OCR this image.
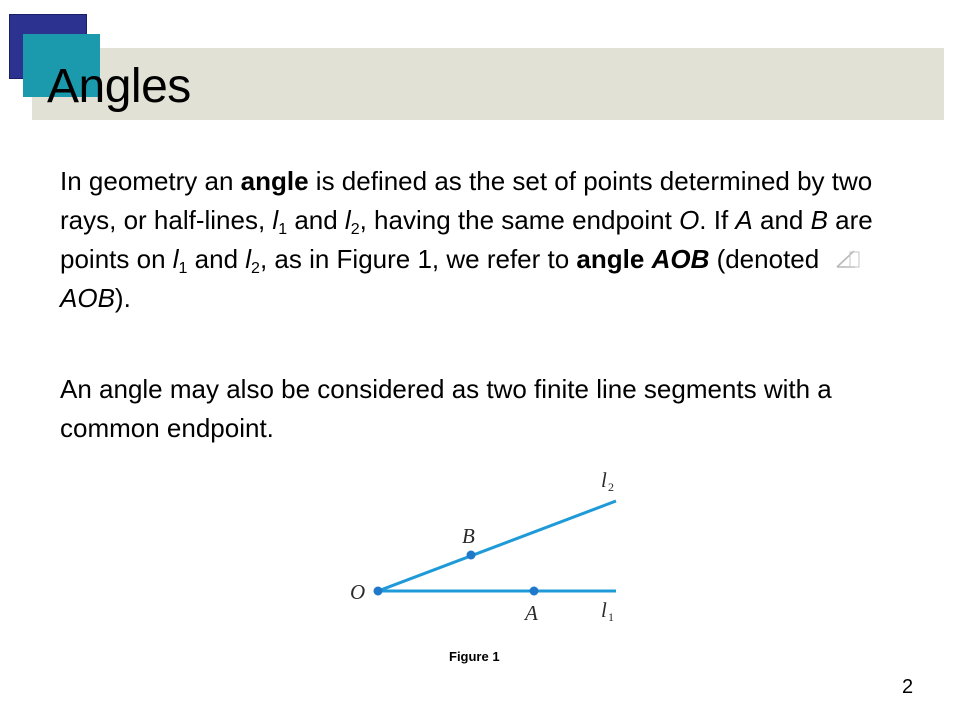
Angles

In geometry an angle is defined as the set of points determined by two rays, or half-lines, $l_1$ and $l_2$, having the same endpoint O. If A and B are points on $l_1$ and $l_2$, as in Figure 1, we refer to angle AOB (denoted AOB).

An angle may also be considered as two finite line segments with a common endpoint.

O
B
A
l 2
l 1

Figure 1

2
